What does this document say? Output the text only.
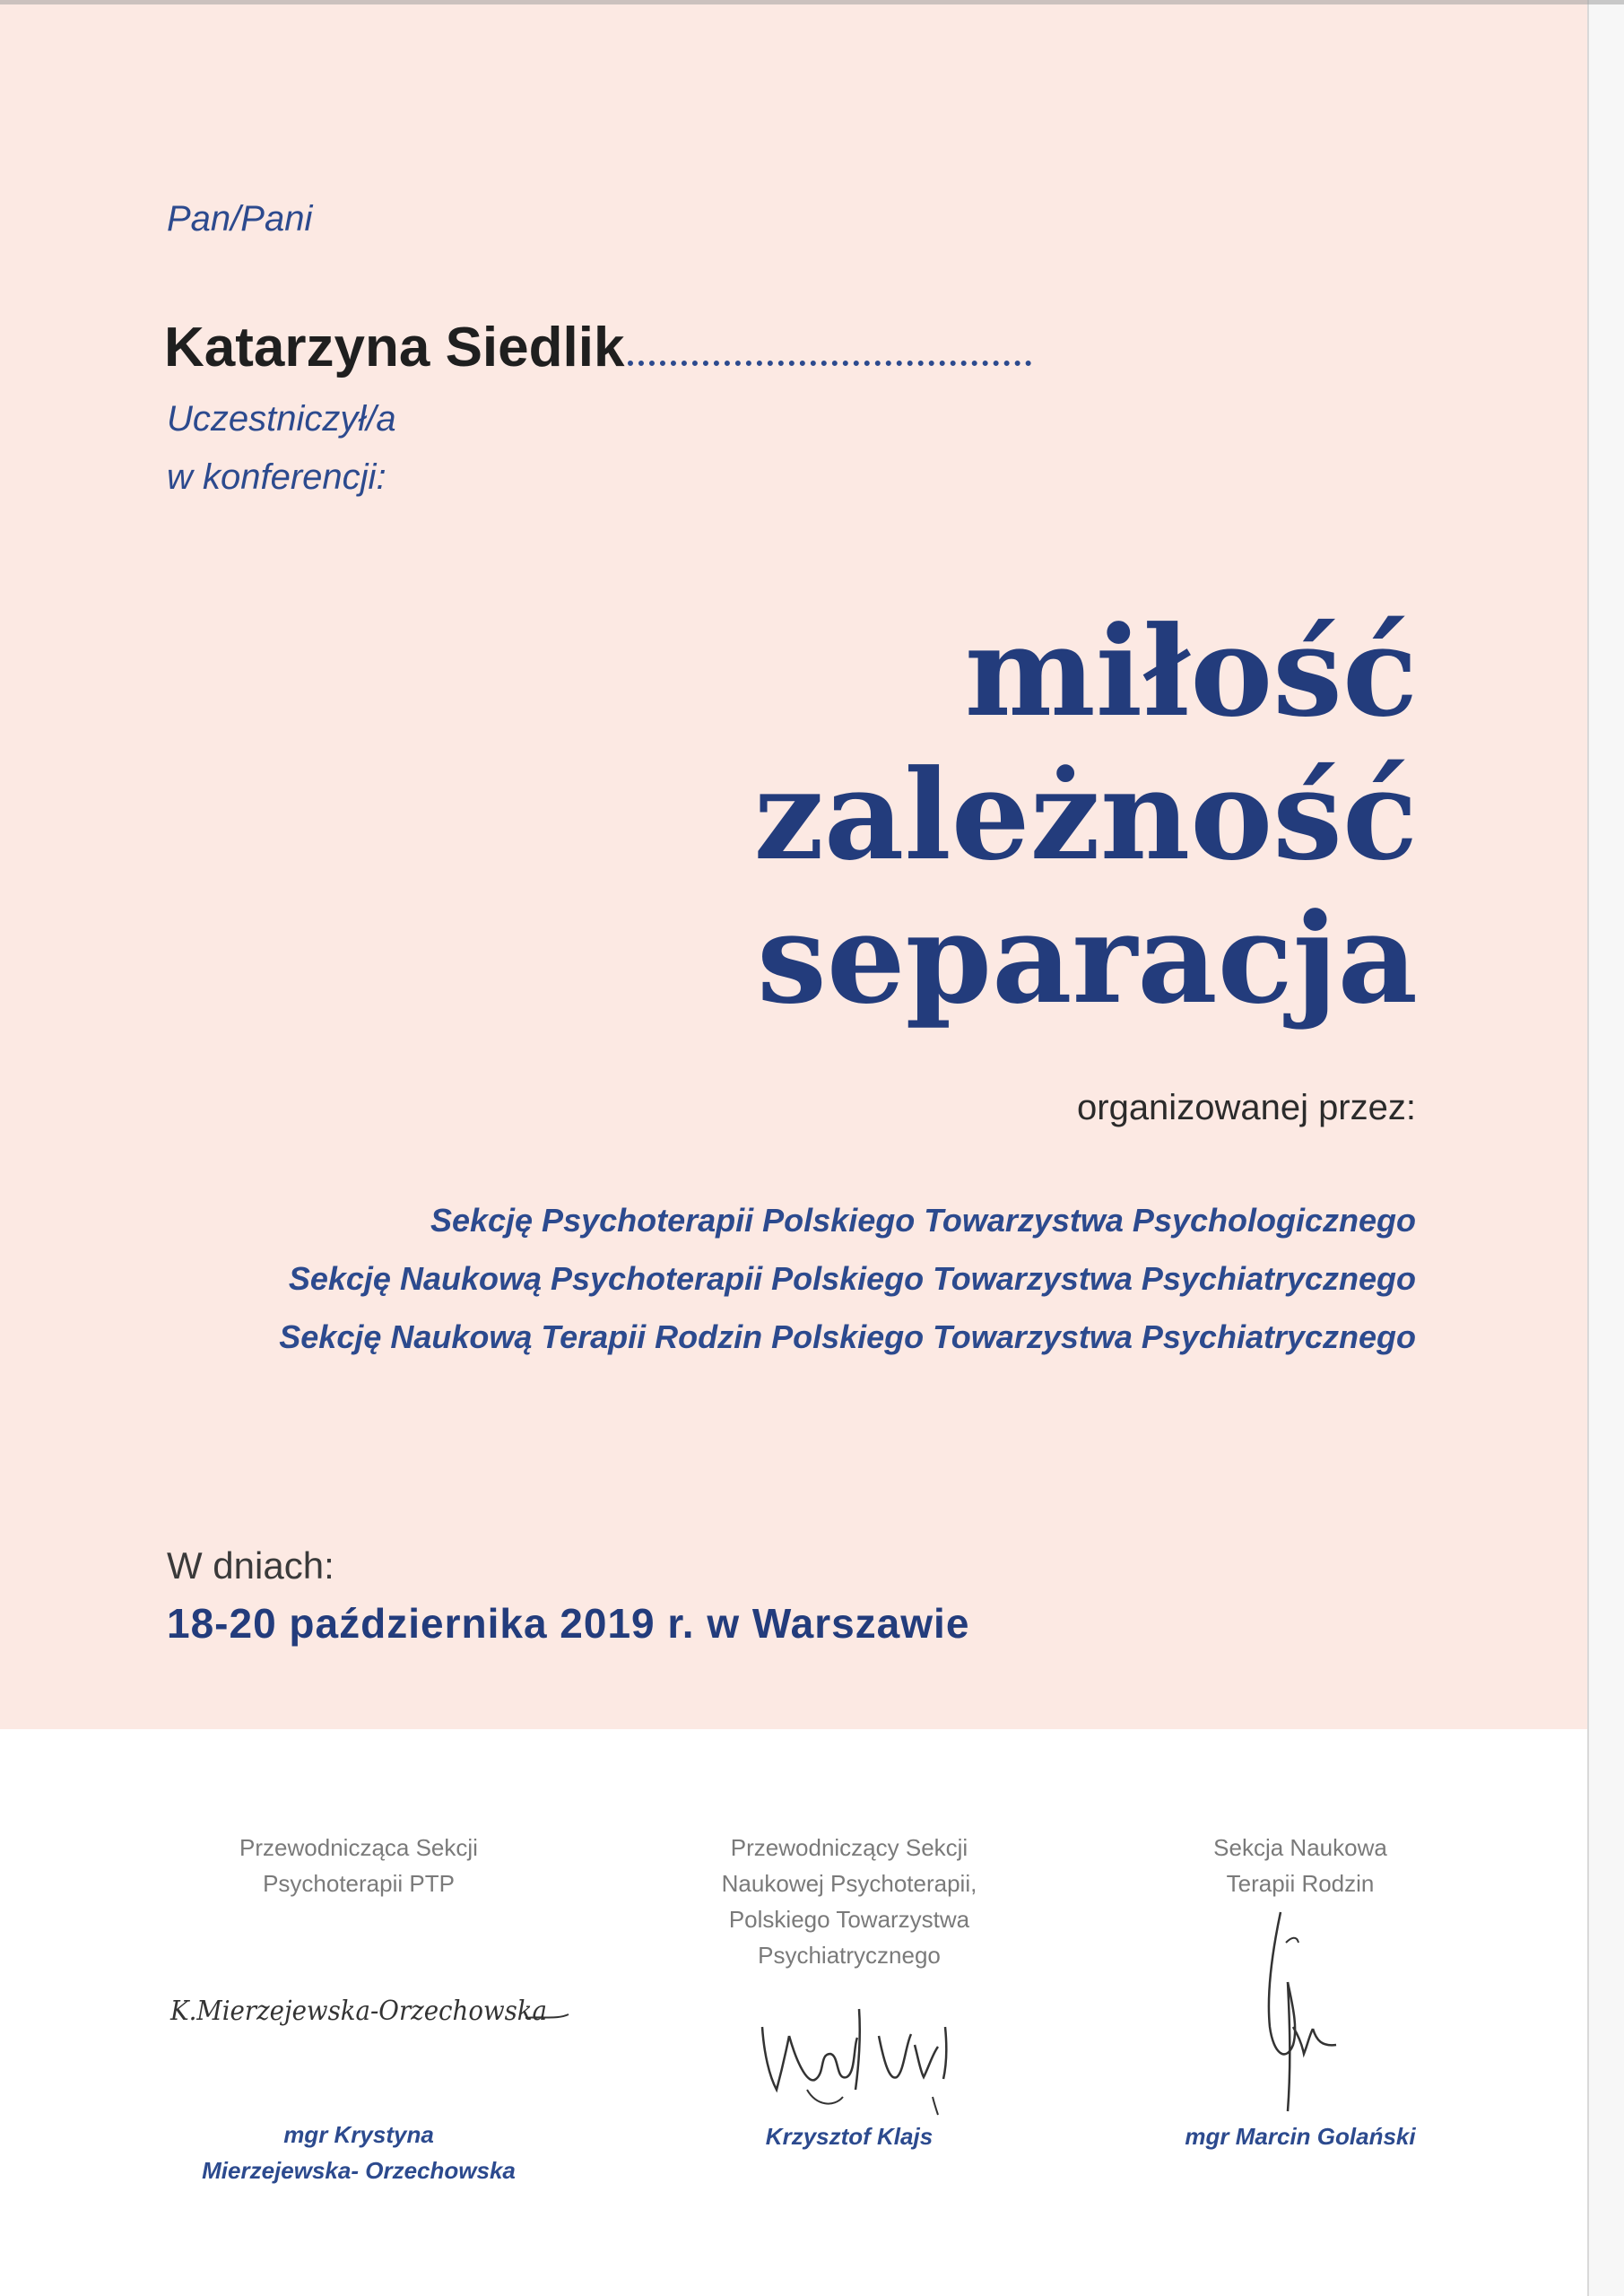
Pan/Pani
Katarzyna Siedlik
Uczestniczył/a
w konferencji:
miłość
zależność
separacja
organizowanej przez:
Sekcję Psychoterapii Polskiego Towarzystwa Psychologicznego
Sekcję Naukową Psychoterapii Polskiego Towarzystwa Psychiatrycznego
Sekcję Naukową Terapii Rodzin Polskiego Towarzystwa Psychiatrycznego
W dniach:
18-20 października 2019 r. w Warszawie
Przewodnicząca Sekcji
Psychoterapii PTP
K.Mierzejewska-Orzechowska
mgr Krystyna
Mierzejewska- Orzechowska
Przewodniczący Sekcji
Naukowej Psychoterapii,
Polskiego Towarzystwa
Psychiatrycznego
Krzysztof Klajs
Sekcja Naukowa
Terapii Rodzin
mgr Marcin Golański
